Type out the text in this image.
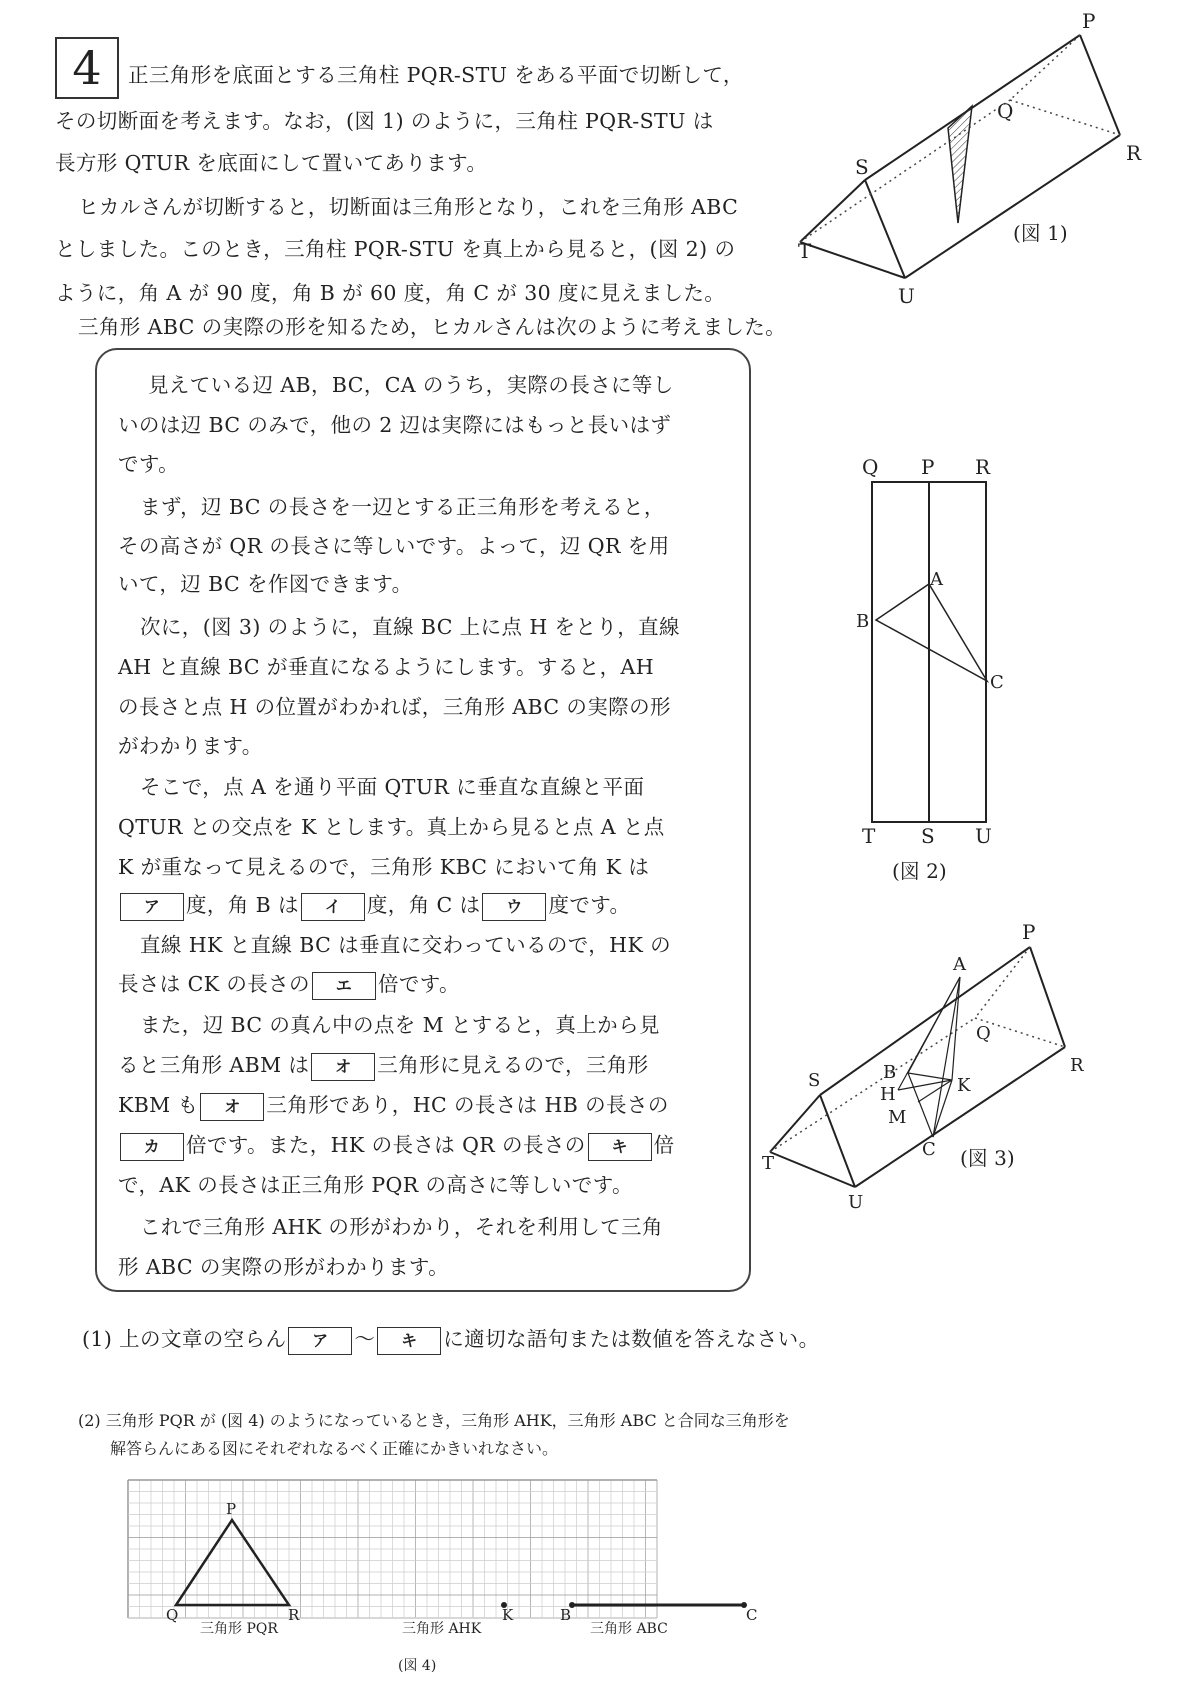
4	正三角形を底面とする三角柱 PQR-STU をある平面で切断して，
その切断面を考えます。なお，(図 1) のように，三角柱 PQR-STU は
長方形 QTUR を底面にして置いてあります。
ヒカルさんが切断すると，切断面は三角形となり，これを三角形 ABC
としました。このとき，三角柱 PQR-STU を真上から見ると，(図 2) の
ように，角 A が 90 度，角 B が 60 度，角 C が 30 度に見えました。
三角形 ABC の実際の形を知るため，ヒカルさんは次のように考えました。
P
Q
R
S
T
U
(図 1)
見えている辺 AB，BC，CA のうち，実際の長さに等し
いのは辺 BC のみで，他の 2 辺は実際にはもっと長いはず
です。
まず，辺 BC の長さを一辺とする正三角形を考えると，
その高さが QR の長さに等しいです。よって，辺 QR を用
いて，辺 BC を作図できます。
次に，(図 3) のように，直線 BC 上に点 H をとり，直線
AH と直線 BC が垂直になるようにします。すると，AH
の長さと点 H の位置がわかれば，三角形 ABC の実際の形
がわかります。
そこで，点 A を通り平面 QTUR に垂直な直線と平面
QTUR との交点を K とします。真上から見ると点 A と点
K が重なって見えるので，三角形 KBC において角 K は
ア 度，角 B は イ 度，角 C は ウ 度です。
直線 HK と直線 BC は垂直に交わっているので，HK の
長さは CK の長さの エ 倍です。
また，辺 BC の真ん中の点を M とすると，真上から見
ると三角形 ABM は オ 三角形に見えるので，三角形
KBM も オ 三角形であり，HC の長さは HB の長さの
カ 倍です。また，HK の長さは QR の長さの キ 倍
で，AK の長さは正三角形 PQR の高さに等しいです。
これで三角形 AHK の形がわかり，それを利用して三角
形 ABC の実際の形がわかります。
Q P R
T S U
A
B
C
(図 2)
P
A
Q
R
B
H	K
M
C
S
T
U
(図 3)
(1) 上の文章の空らん ア 〜 キ に適切な語句または数値を答えなさい。
(2) 三角形 PQR が (図 4) のようになっているとき，三角形 AHK，三角形 ABC と合同な三角形を
解答らんにある図にそれぞれなるべく正確にかきいれなさい。
P
Q	R	K	B	C
三角形 PQR	三角形 AHK	三角形 ABC
(図 4)
